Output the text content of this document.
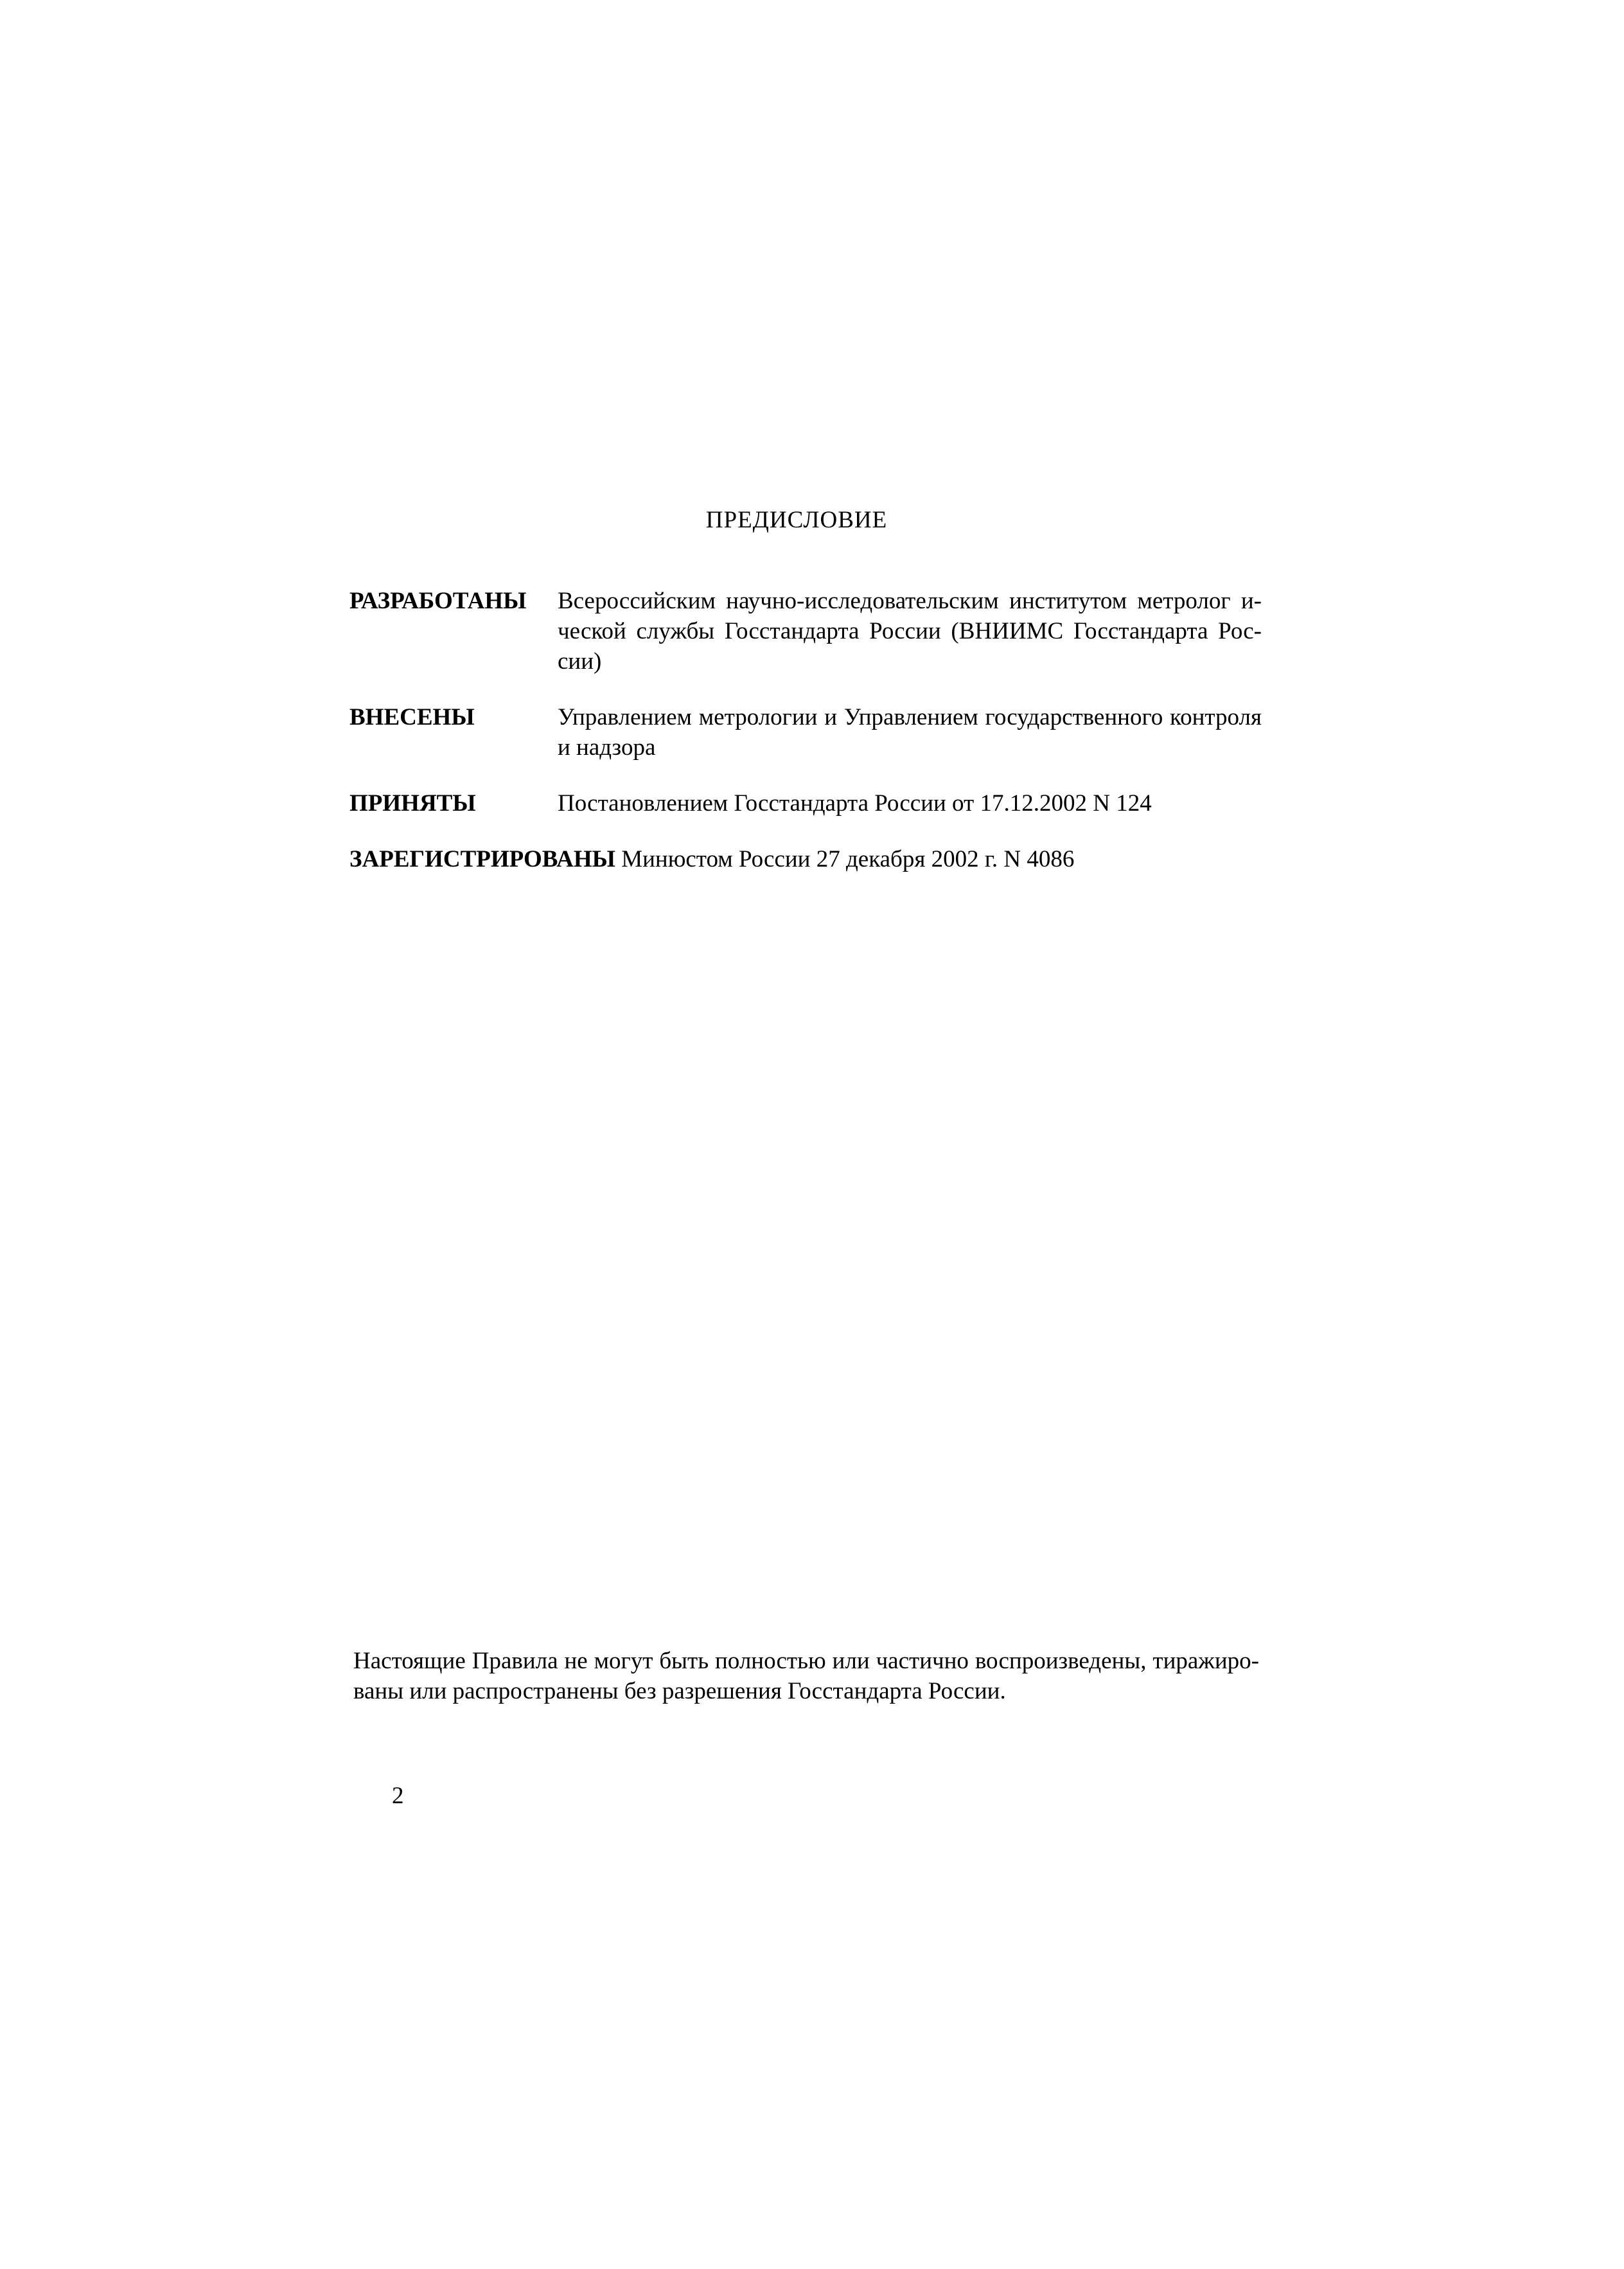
ПРЕДИСЛОВИЕ
РАЗРАБОТАНЫ	Всероссийским научно-исследовательским институтом метролог и-ческой службы Госстандарта России (ВНИИМС Госстандарта Рос-сии)
ВНЕСЕНЫ	Управлением метрологии и Управлением государственного контроля и надзора
ПРИНЯТЫ	Постановлением Госстандарта России от 17.12.2002 N 124
ЗАРЕГИСТРИРОВАНЫ Минюстом России 27 декабря 2002 г. N 4086
Настоящие Правила не могут быть полностью или частично воспроизведены, тиражиро-ваны или распространены без разрешения Госстандарта России.
2
